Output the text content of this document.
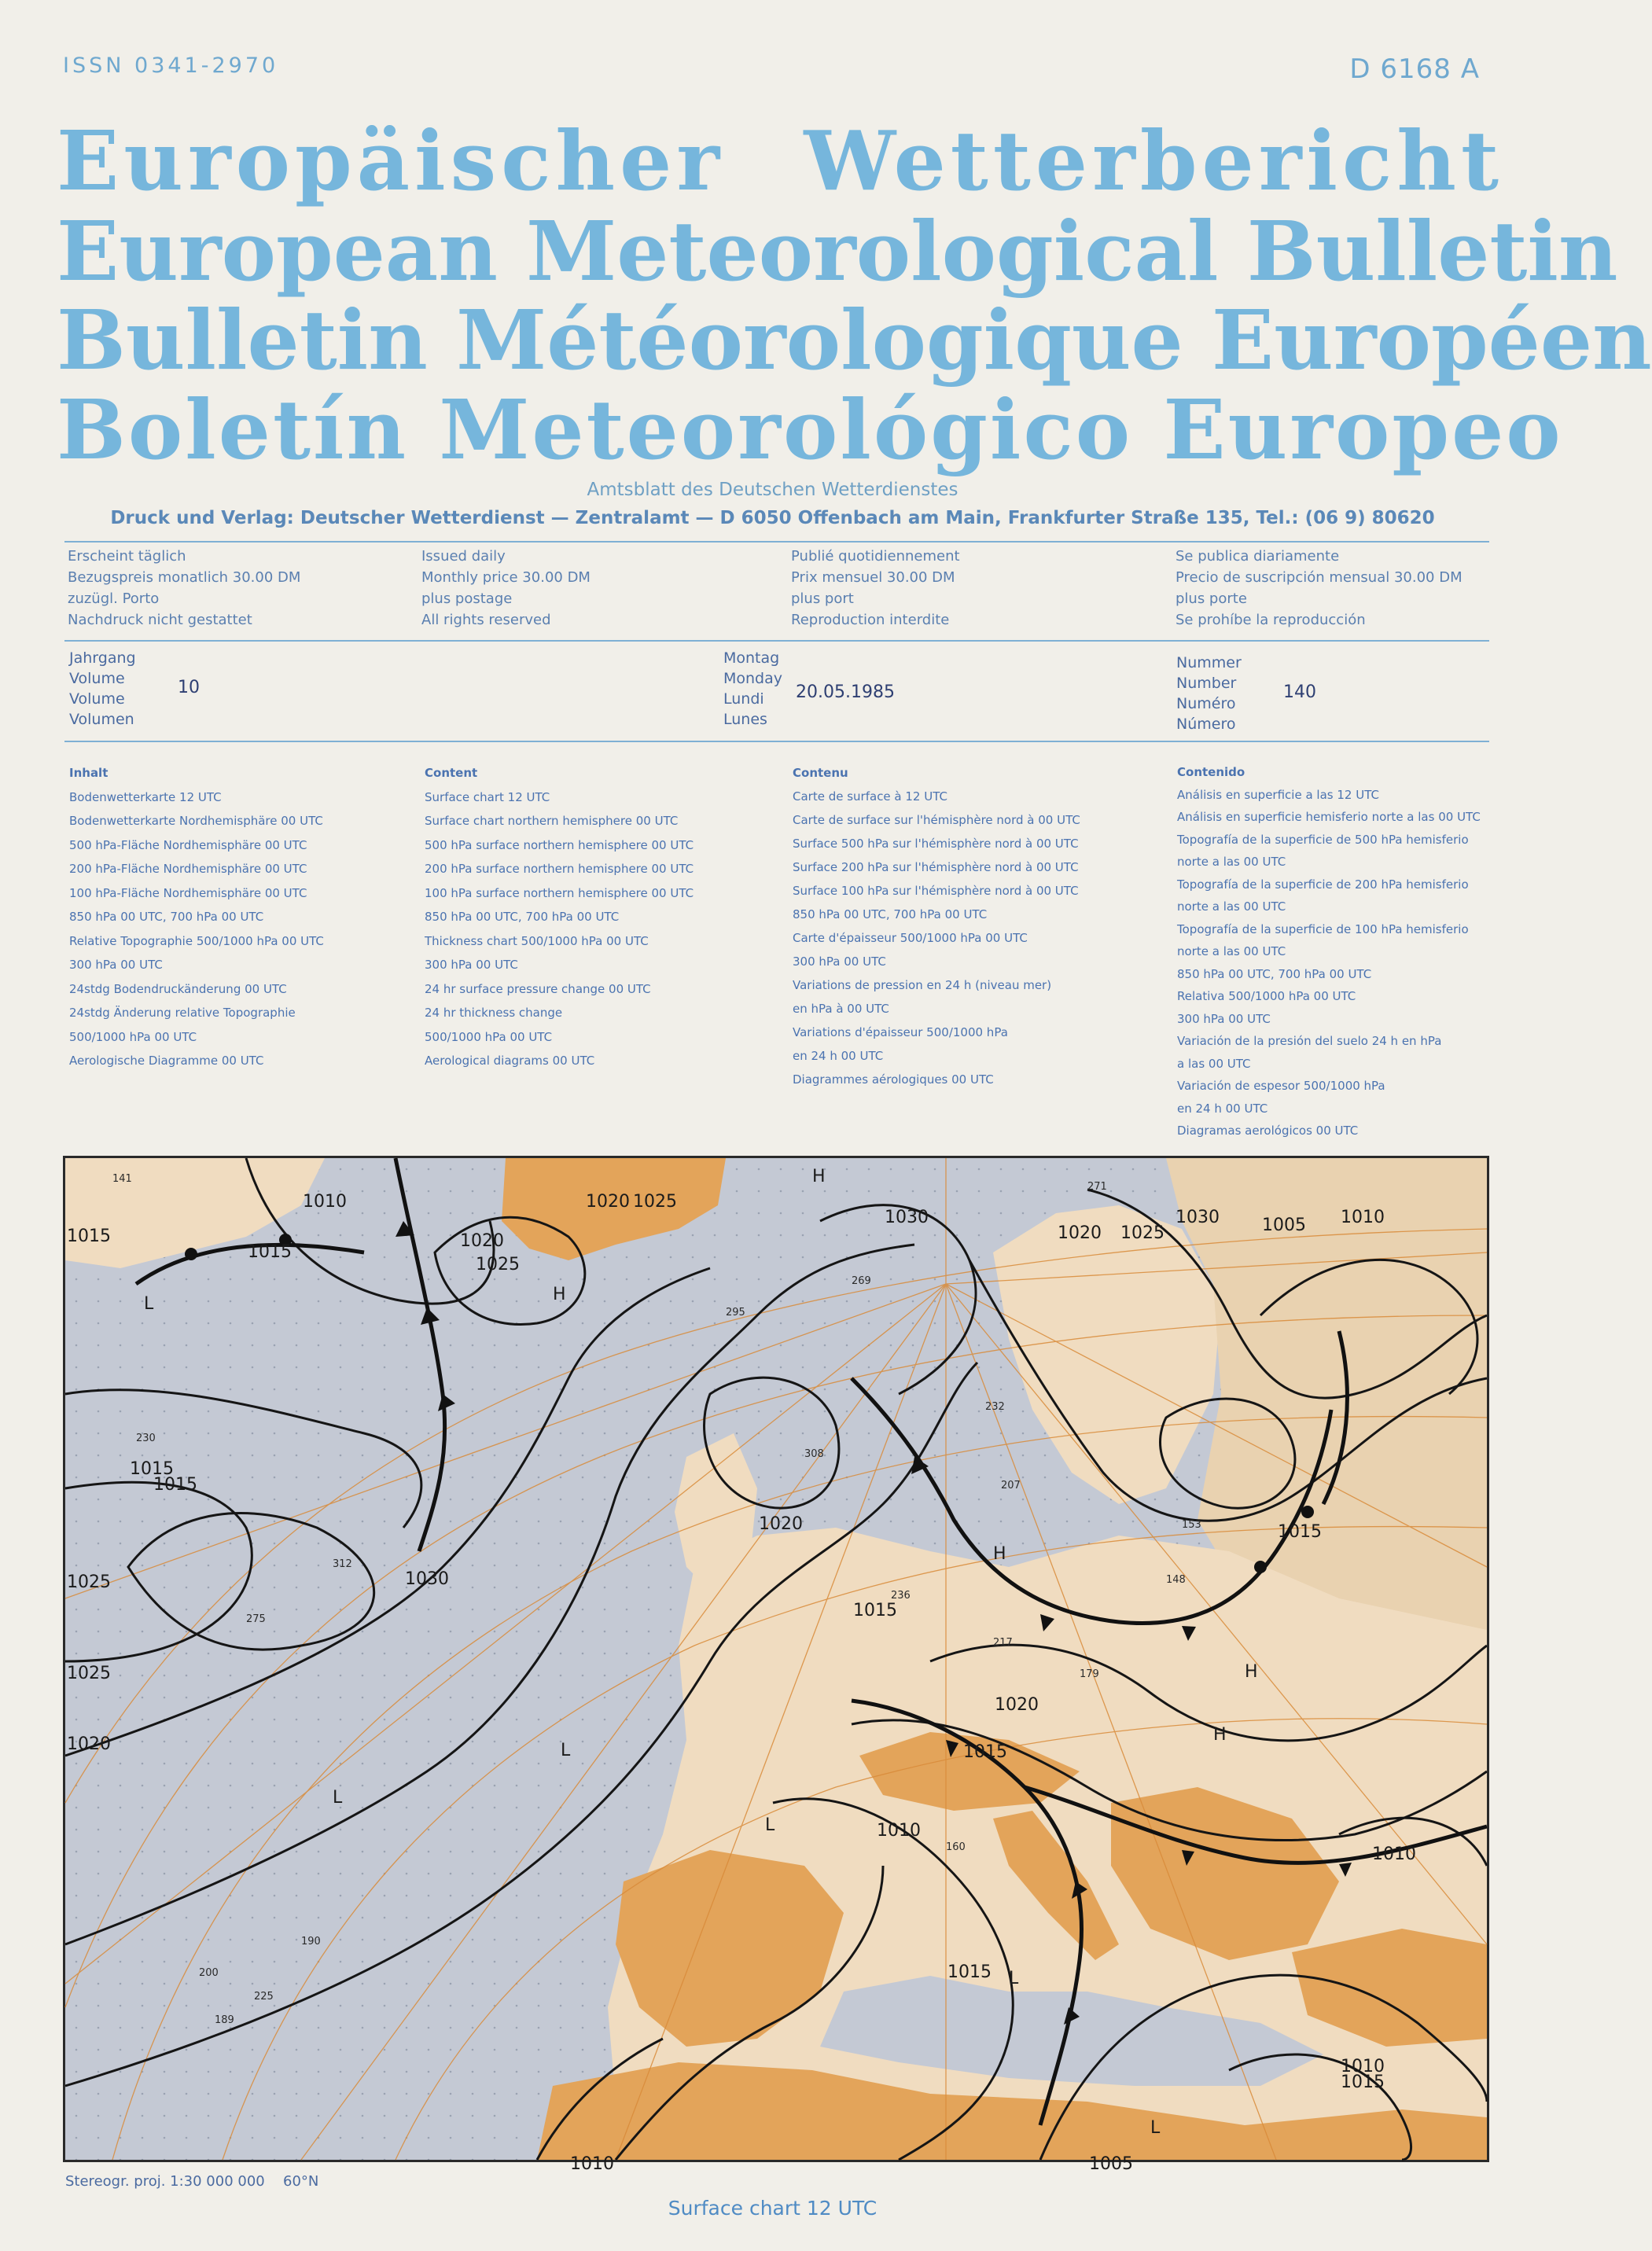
ISSN 0341-2970	D 6168 A
Europäischer Wetterbericht
European Meteorological Bulletin
Bulletin Météorologique Européen
Boletín Meteorológico Europeo
Amtsblatt des Deutschen Wetterdienstes
Druck und Verlag: Deutscher Wetterdienst — Zentralamt — D 6050 Offenbach am Main, Frankfurter Straße 135, Tel.: (06 9) 80620
Erscheint täglich
Bezugspreis monatlich 30.00 DM
zuzügl. Porto
Nachdruck nicht gestattet
Issued daily
Monthly price 30.00 DM
plus postage
All rights reserved
Publié quotidiennement
Prix mensuel 30.00 DM
plus port
Reproduction interdite
Se publica diariamente
Precio de suscripción mensual 30.00 DM
plus porte
Se prohíbe la reproducción
Jahrgang
Volume
Volume
Volumen
10
Montag
Monday
Lundi
Lunes
20.05.1985
Nummer
Number
Numéro
Número
140
Inhalt
Bodenwetterkarte 12 UTC
Bodenwetterkarte Nordhemisphäre 00 UTC
500 hPa-Fläche Nordhemisphäre 00 UTC
200 hPa-Fläche Nordhemisphäre 00 UTC
100 hPa-Fläche Nordhemisphäre 00 UTC
850 hPa 00 UTC, 700 hPa 00 UTC
Relative Topographie 500/1000 hPa 00 UTC
300 hPa 00 UTC
24stdg Bodendruckänderung 00 UTC
24stdg Änderung relative Topographie
500/1000 hPa 00 UTC
Aerologische Diagramme 00 UTC
Content
Surface chart 12 UTC
Surface chart northern hemisphere 00 UTC
500 hPa surface northern hemisphere 00 UTC
200 hPa surface northern hemisphere 00 UTC
100 hPa surface northern hemisphere 00 UTC
850 hPa 00 UTC, 700 hPa 00 UTC
Thickness chart 500/1000 hPa 00 UTC
300 hPa 00 UTC
24 hr surface pressure change 00 UTC
24 hr thickness change
500/1000 hPa 00 UTC
Aerological diagrams 00 UTC
Contenu
Carte de surface à 12 UTC
Carte de surface sur l'hémisphère nord à 00 UTC
Surface 500 hPa sur l'hémisphère nord à 00 UTC
Surface 200 hPa sur l'hémisphère nord à 00 UTC
Surface 100 hPa sur l'hémisphère nord à 00 UTC
850 hPa 00 UTC, 700 hPa 00 UTC
Carte d'épaisseur 500/1000 hPa 00 UTC
300 hPa 00 UTC
Variations de pression en 24 h (niveau mer)
en hPa à 00 UTC
Variations d'épaisseur 500/1000 hPa
en 24 h 00 UTC
Diagrammes aérologiques 00 UTC
Contenido
Análisis en superficie a las 12 UTC
Análisis en superficie hemisferio norte a las 00 UTC
Topografía de la superficie de 500 hPa hemisferio
norte a las 00 UTC
Topografía de la superficie de 200 hPa hemisferio
norte a las 00 UTC
Topografía de la superficie de 100 hPa hemisferio
norte a las 00 UTC
850 hPa 00 UTC, 700 hPa 00 UTC
Relativa 500/1000 hPa 00 UTC
300 hPa 00 UTC
Variación de la presión del suelo 24 h en hPa
a las 00 UTC
Variación de espesor 500/1000 hPa
en 24 h 00 UTC
Diagramas aerológicos 00 UTC
1010	1020 1025
1030
1015
1015
1020 1025
1030
1020
1025
1015
1030
1020
1025
1015
1005 1010
1015
1010
1020
1015
1010
1015
1010
1005
1015
1010
1025
1020
1015
H
H
L
L
H
H
L
L
H
L
L
271
189
275
230
295
308
232
207
153
179
217
190
200
225
160
312
269
236
141
148
Stereogr. proj. 1:30 000 000 60°N
Surface chart 12 UTC
